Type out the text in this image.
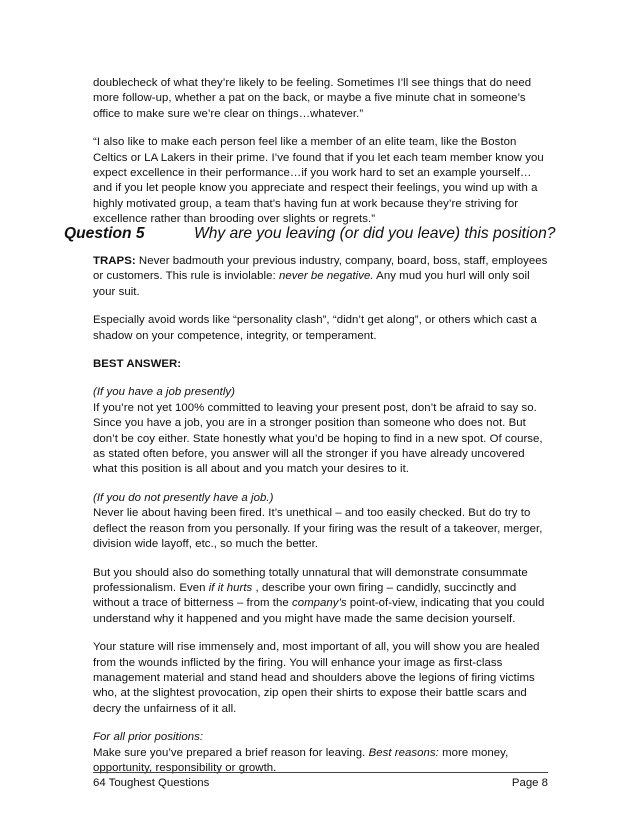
doublecheck of what they’re likely to be feeling. Sometimes I’ll see things that do need more follow-up, whether a pat on the back, or maybe a five minute chat in someone’s office to make sure we’re clear on things…whatever.”

“I also like to make each person feel like a member of an elite team, like the Boston Celtics or LA Lakers in their prime. I’ve found that if you let each team member know you expect excellence in their performance…if you work hard to set an example yourself…and if you let people know you appreciate and respect their feelings, you wind up with a highly motivated group, a team that’s having fun at work because they’re striving for excellence rather than brooding over slights or regrets.”

Question 5	Why are you leaving (or did you leave) this position?

TRAPS: Never badmouth your previous industry, company, board, boss, staff, employees or customers. This rule is inviolable: never be negative. Any mud you hurl will only soil your suit.

Especially avoid words like “personality clash”, “didn’t get along”, or others which cast a shadow on your competence, integrity, or temperament.

BEST ANSWER:

(If you have a job presently)
If you’re not yet 100% committed to leaving your present post, don’t be afraid to say so. Since you have a job, you are in a stronger position than someone who does not. But don’t be coy either. State honestly what you’d be hoping to find in a new spot. Of course, as stated often before, you answer will all the stronger if you have already uncovered what this position is all about and you match your desires to it.

(If you do not presently have a job.)
Never lie about having been fired. It’s unethical – and too easily checked. But do try to deflect the reason from you personally. If your firing was the result of a takeover, merger, division wide layoff, etc., so much the better.

But you should also do something totally unnatural that will demonstrate consummate professionalism. Even if it hurts , describe your own firing – candidly, succinctly and without a trace of bitterness – from the company’s point-of-view, indicating that you could understand why it happened and you might have made the same decision yourself.

Your stature will rise immensely and, most important of all, you will show you are healed from the wounds inflicted by the firing. You will enhance your image as first-class management material and stand head and shoulders above the legions of firing victims who, at the slightest provocation, zip open their shirts to expose their battle scars and decry the unfairness of it all.

For all prior positions:
Make sure you’ve prepared a brief reason for leaving. Best reasons: more money, opportunity, responsibility or growth.

64 Toughest Questions	Page 8
